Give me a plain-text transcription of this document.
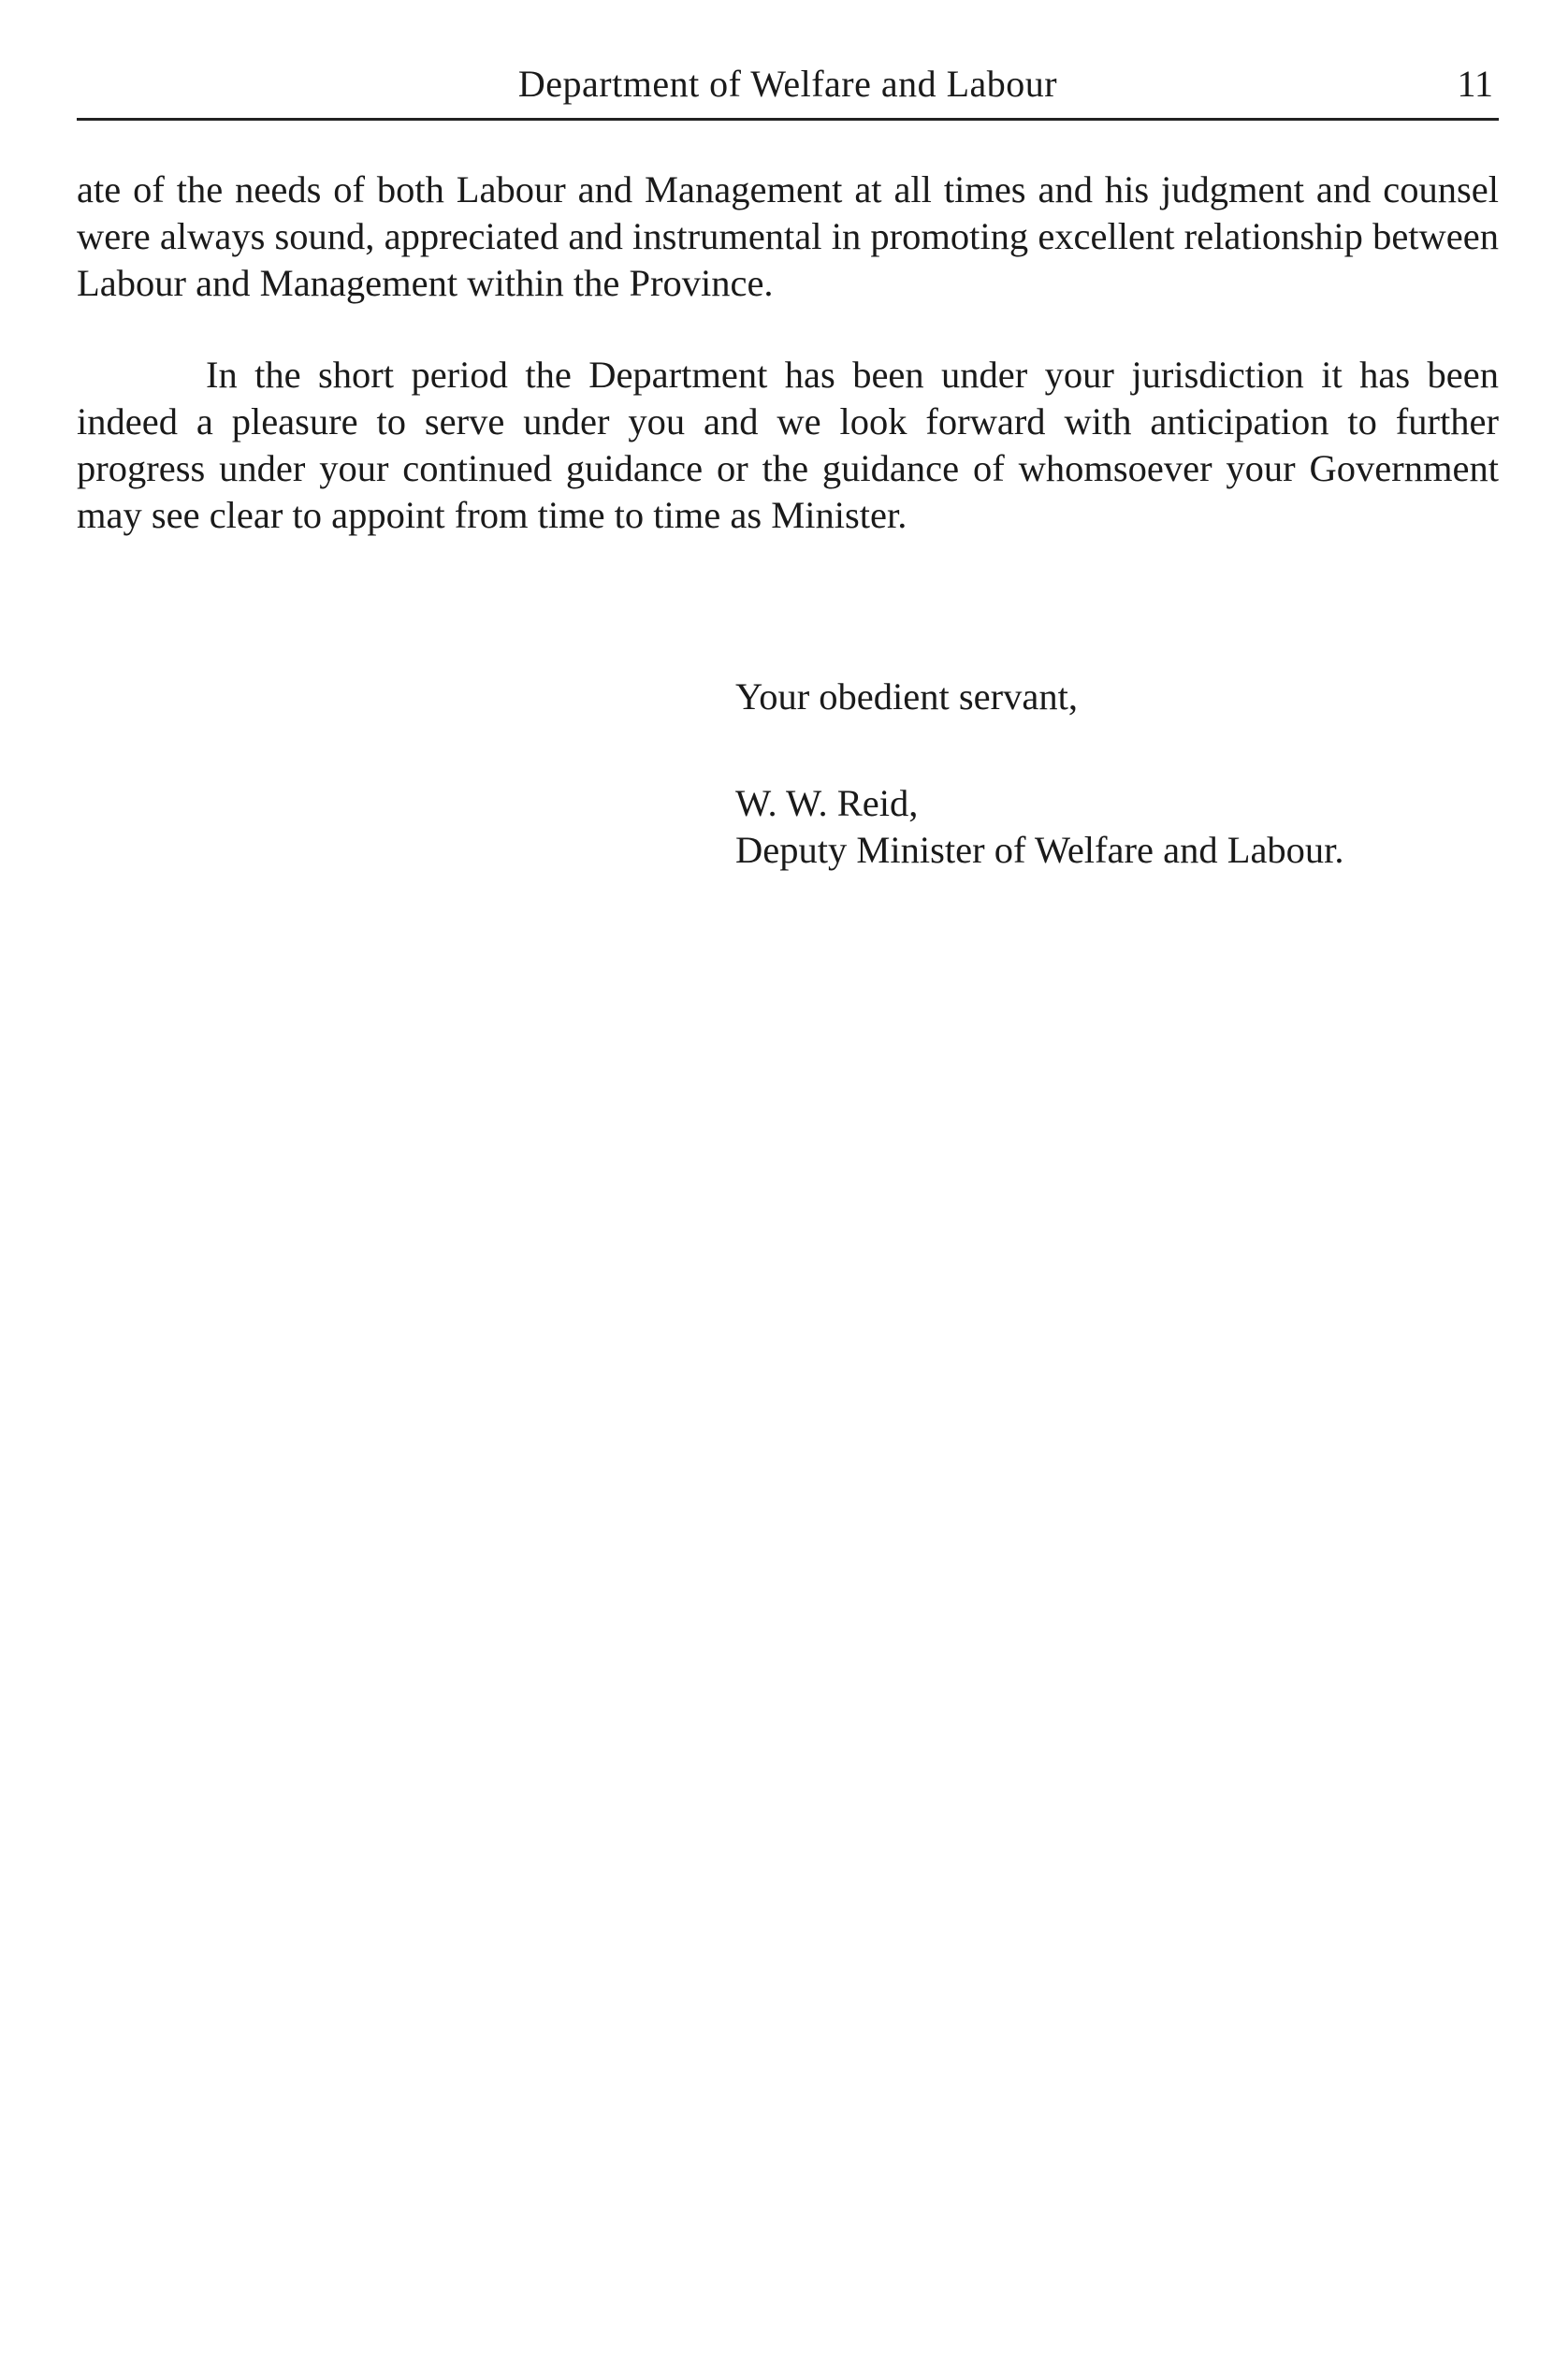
Department of Welfare and Labour	11

ate of the needs of both Labour and Management at all times and his judgment and counsel were always sound, appreciated and instrumental in promoting excellent relationship between Labour and Management within the Province.

In the short period the Department has been under your jurisdiction it has been indeed a pleasure to serve under you and we look forward with anticipation to further progress under your continued guidance or the guidance of whomsoever your Government may see clear to appoint from time to time as Minister.

Your obedient servant,
W. W. Reid,
Deputy Minister of Welfare and Labour.
